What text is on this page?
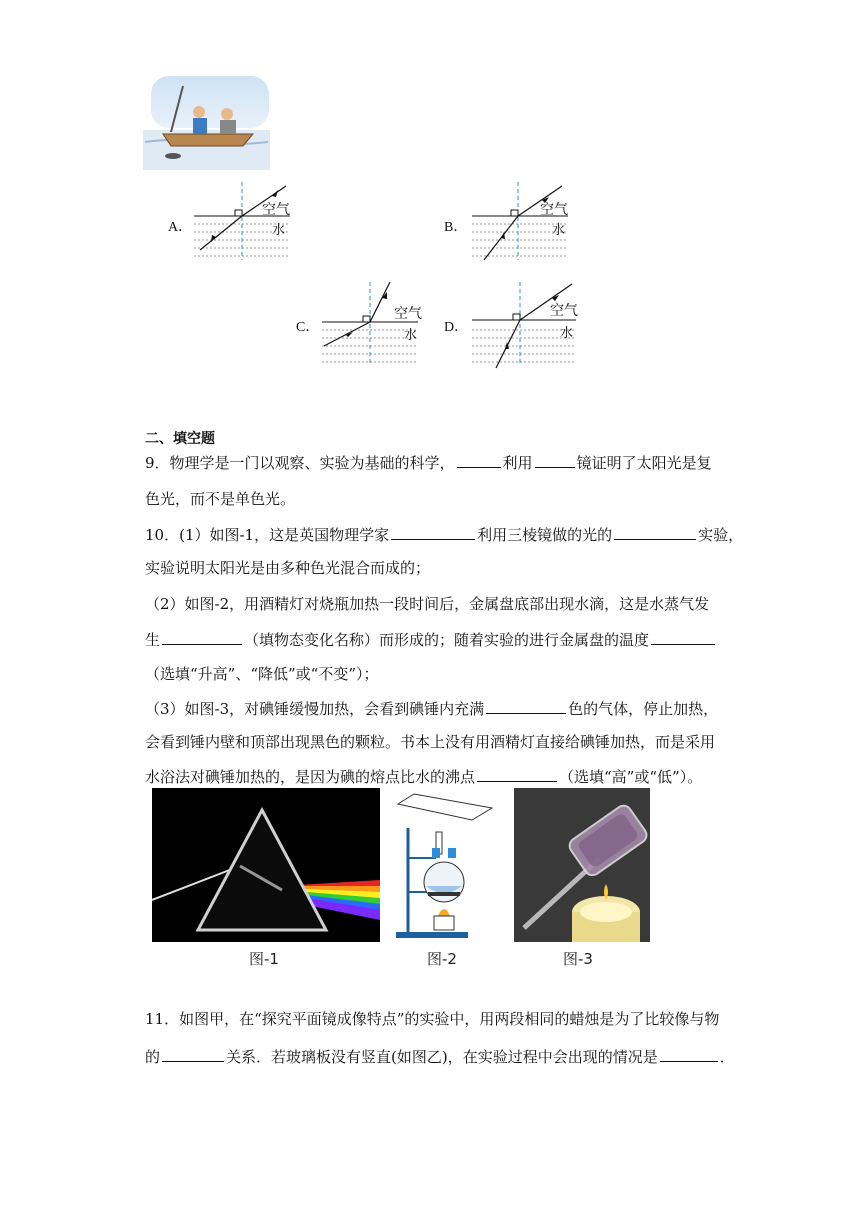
A．
空气
水	B．
空气
水
C．
空气
水
D．
空气
水
二、填空题
9．物理学是一门以观察、实验为基础的科学，	利用	镜证明了太阳光是复
色光，而不是单色光。
10．(1）如图-1，这是英国物理学家	利用三棱镜做的光的	实验，
实验说明太阳光是由多种色光混合而成的；
（2）如图-2，用酒精灯对烧瓶加热一段时间后，金属盘底部出现水滴，这是水蒸气发
生	（填物态变化名称）而形成的；随着实验的进行金属盘的温度
（选填“升高”、“降低”或“不变”）；
（3）如图-3，对碘锤缓慢加热，会看到碘锤内充满	色的气体，停止加热，
会看到锤内壁和顶部出现黑色的颗粒。书本上没有用酒精灯直接给碘锤加热，而是采用
水浴法对碘锤加热的，是因为碘的熔点比水的沸点	（选填“高”或“低”）。
图-1	图-2	图-3
11．如图甲，在“探究平面镜成像特点”的实验中，用两段相同的蜡烛是为了比较像与物
的	关系．若玻璃板没有竖直(如图乙)，在实验过程中会出现的情况是	．
